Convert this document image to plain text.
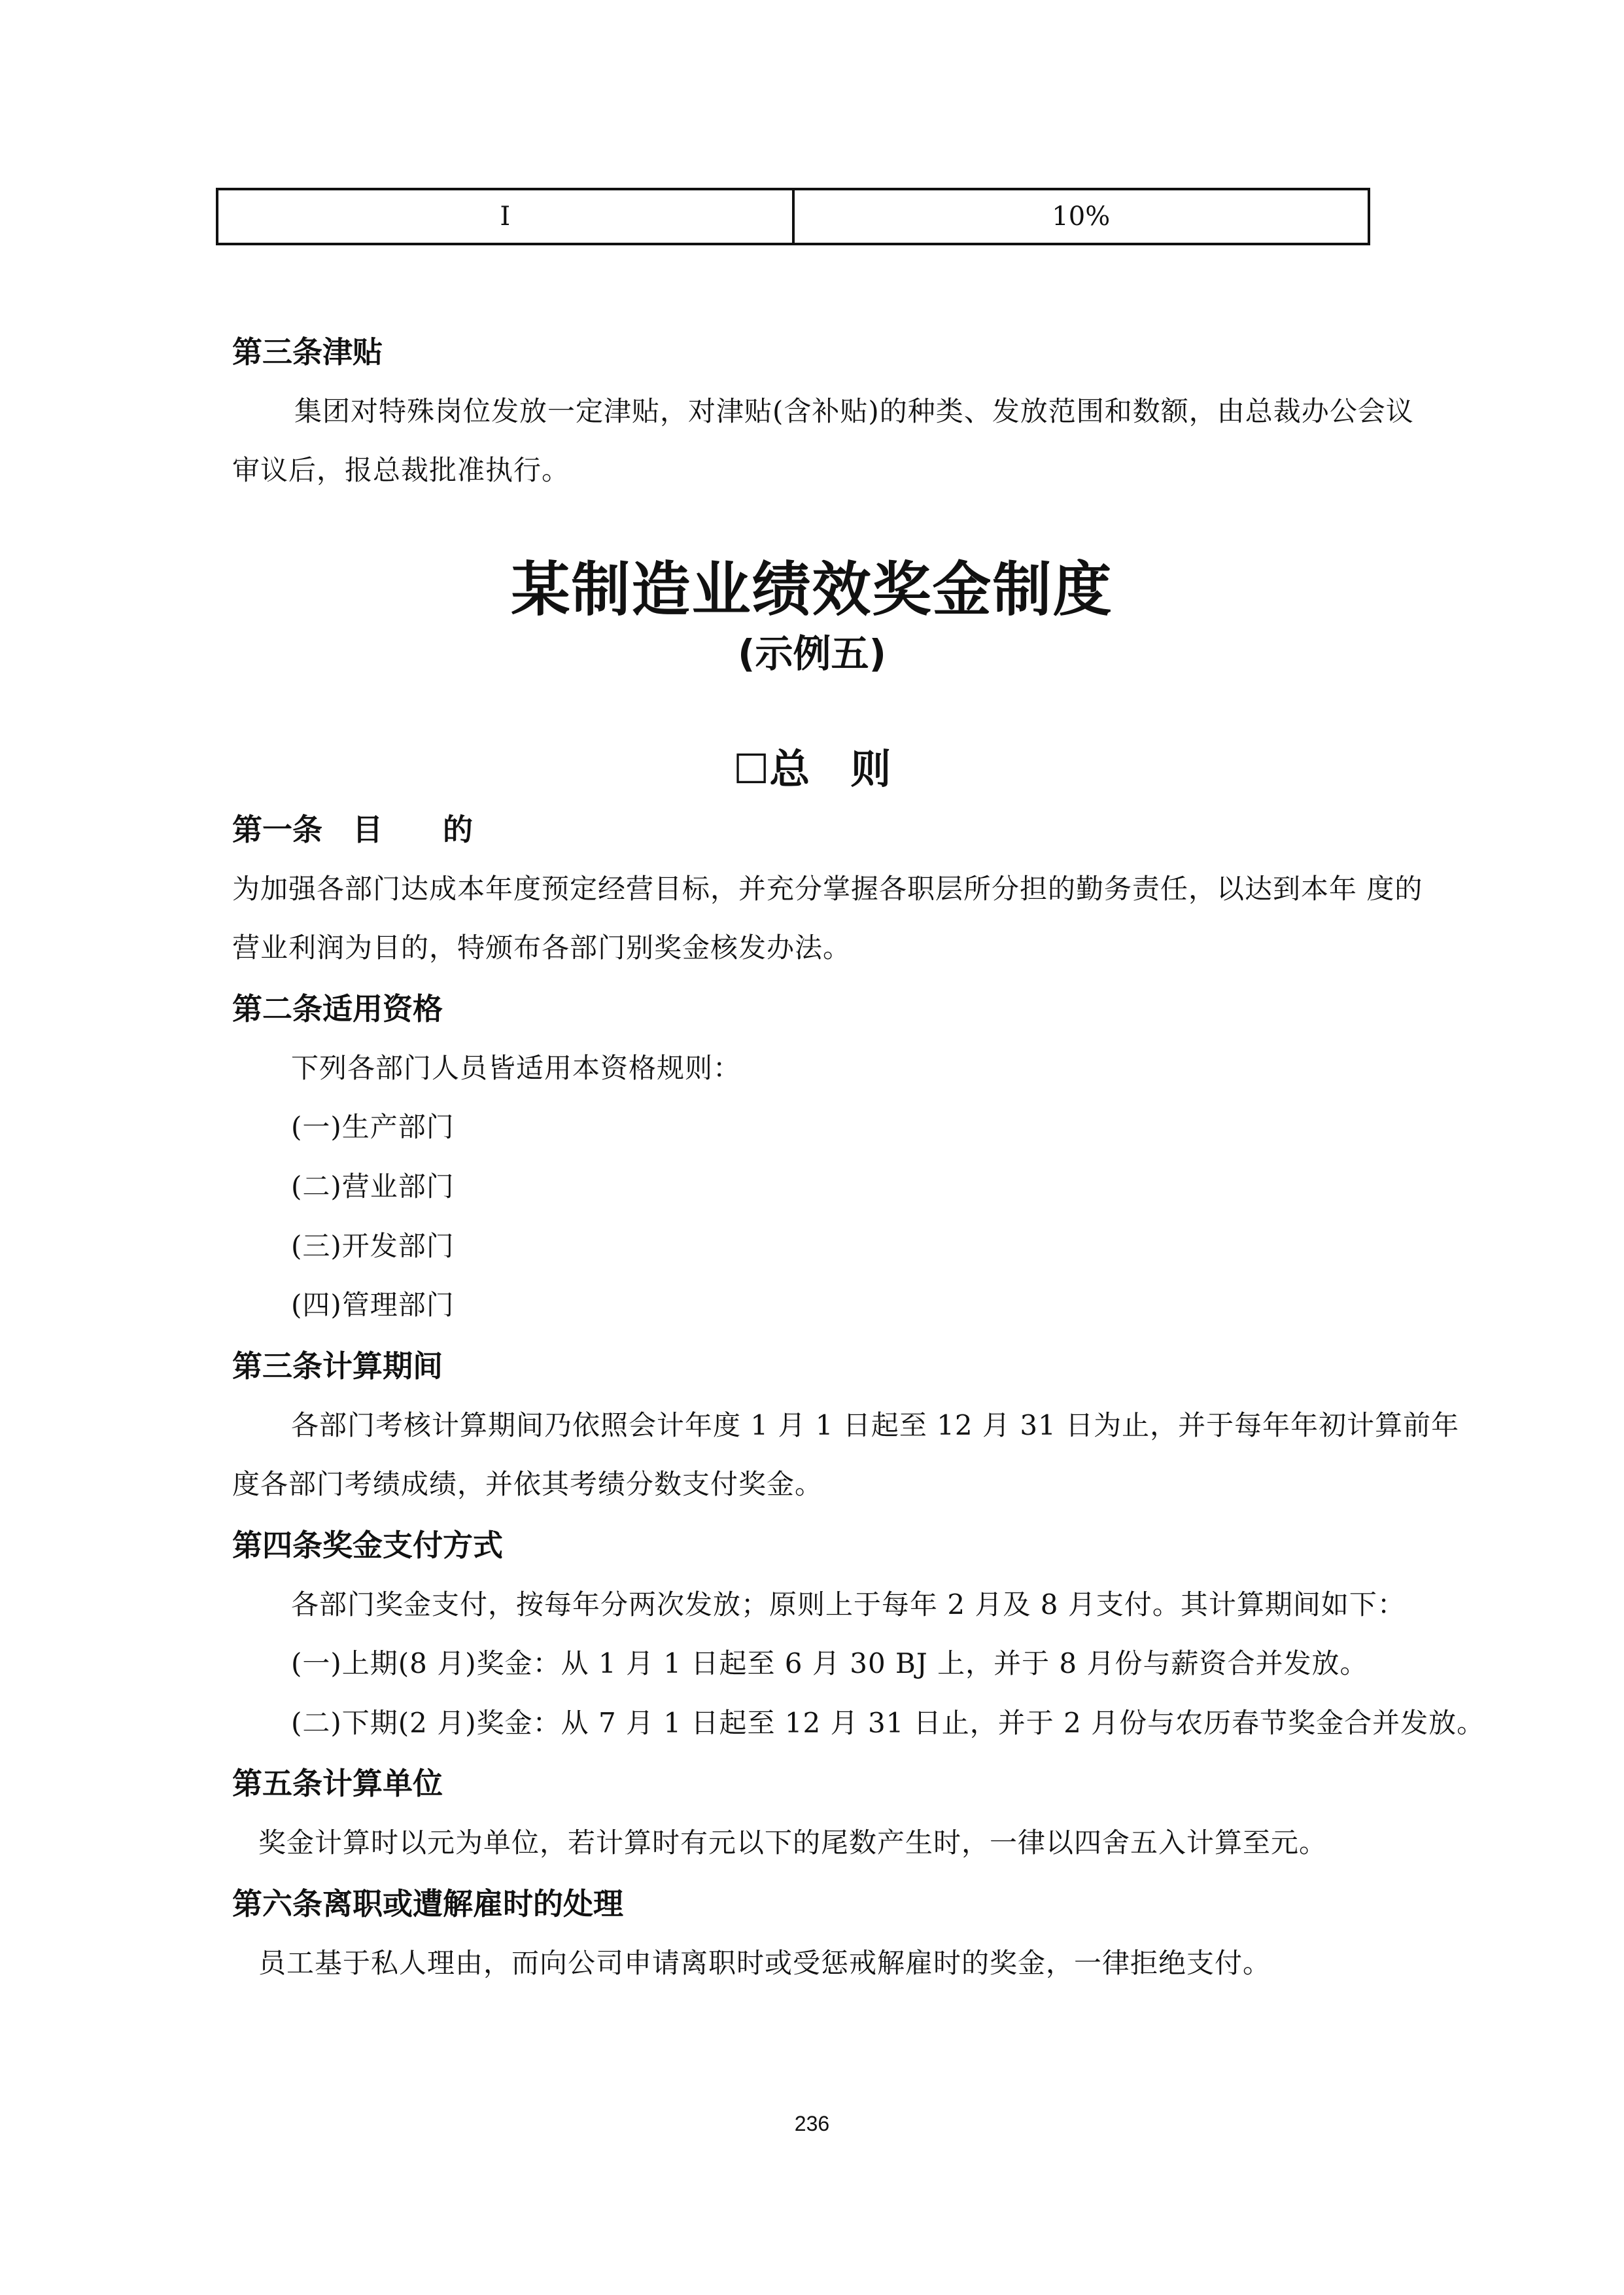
I	10%
第三条津贴
集团对特殊岗位发放一定津贴，对津贴(含补贴)的种类、发放范围和数额，由总裁办公会议
审议后，报总裁批准执行。
某制造业绩效奖金制度
(示例五)
☐总　则
第一条　目　　的
为加强各部门达成本年度预定经营目标，并充分掌握各职层所分担的勤务责任，以达到本年 度的
营业利润为目的，特颁布各部门别奖金核发办法。
第二条适用资格
下列各部门人员皆适用本资格规则：
(一)生产部门
(二)营业部门
(三)开发部门
(四)管理部门
第三条计算期间
各部门考核计算期间乃依照会计年度 1 月 1 日起至 12 月 31 日为止，并于每年年初计算前年
度各部门考绩成绩，并依其考绩分数支付奖金。
第四条奖金支付方式
各部门奖金支付，按每年分两次发放；原则上于每年 2 月及 8 月支付。其计算期间如下：
(一)上期(8 月)奖金：从 1 月 1 日起至 6 月 30 BJ 上，并于 8 月份与薪资合并发放。
(二)下期(2 月)奖金：从 7 月 1 日起至 12 月 31 日止，并于 2 月份与农历春节奖金合并发放。
第五条计算单位
奖金计算时以元为单位，若计算时有元以下的尾数产生时，一律以四舍五入计算至元。
第六条离职或遭解雇时的处理
员工基于私人理由，而向公司申请离职时或受惩戒解雇时的奖金，一律拒绝支付。
236
